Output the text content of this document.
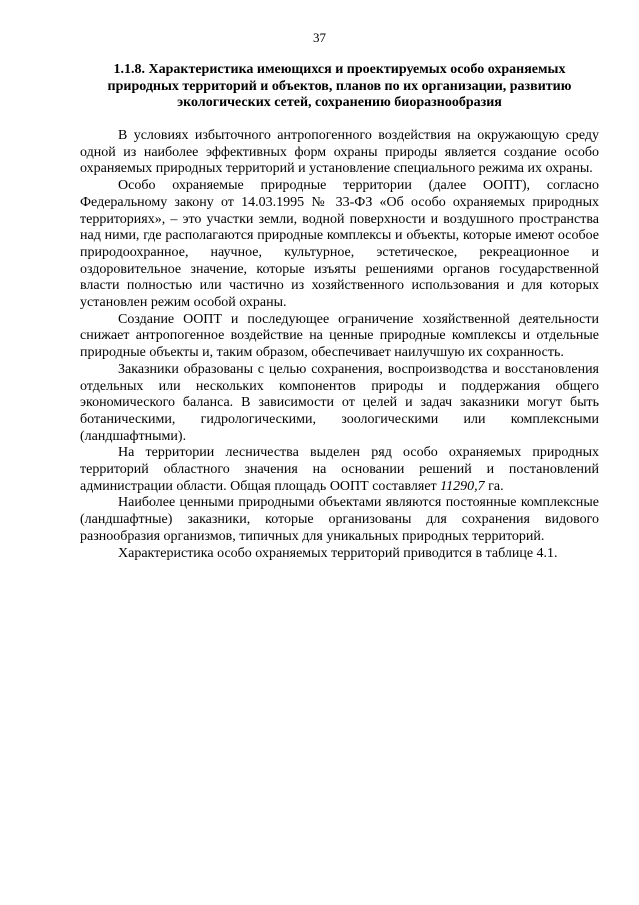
37
1.1.8. Характеристика имеющихся и проектируемых особо охраняемых
природных территорий и объектов, планов по их организации, развитию
экологических сетей, сохранению биоразнообразия

В условиях избыточного антропогенного воздействия на окружающую среду одной из наиболее эффективных форм охраны природы является создание особо охраняемых природных территорий и установление специального режима их охраны.

Особо охраняемые природные территории (далее ООПТ), согласно Федеральному закону от 14.03.1995 № 33-ФЗ «Об особо охраняемых природных территориях», – это участки земли, водной поверхности и воздушного пространства над ними, где располагаются природные комплексы и объекты, которые имеют особое природоохранное, научное, культурное, эстетическое, рекреационное и оздоровительное значение, которые изъяты решениями органов государственной власти полностью или частично из хозяйственного использования и для которых установлен режим особой охраны.

Создание ООПТ и последующее ограничение хозяйственной деятельности снижает антропогенное воздействие на ценные природные комплексы и отдельные природные объекты и, таким образом, обеспечивает наилучшую их сохранность.

Заказники образованы с целью сохранения, воспроизводства и восстановления отдельных или нескольких компонентов природы и поддержания общего экономического баланса. В зависимости от целей и задач заказники могут быть ботаническими, гидрологическими, зоологическими или комплексными (ландшафтными).

На территории лесничества выделен ряд особо охраняемых природных территорий областного значения на основании решений и постановлений администрации области. Общая площадь ООПТ составляет 11290,7 га.

Наиболее ценными природными объектами являются постоянные комплексные (ландшафтные) заказники, которые организованы для сохранения видового разнообразия организмов, типичных для уникальных природных территорий.

Характеристика особо охраняемых территорий приводится в таблице 4.1.
